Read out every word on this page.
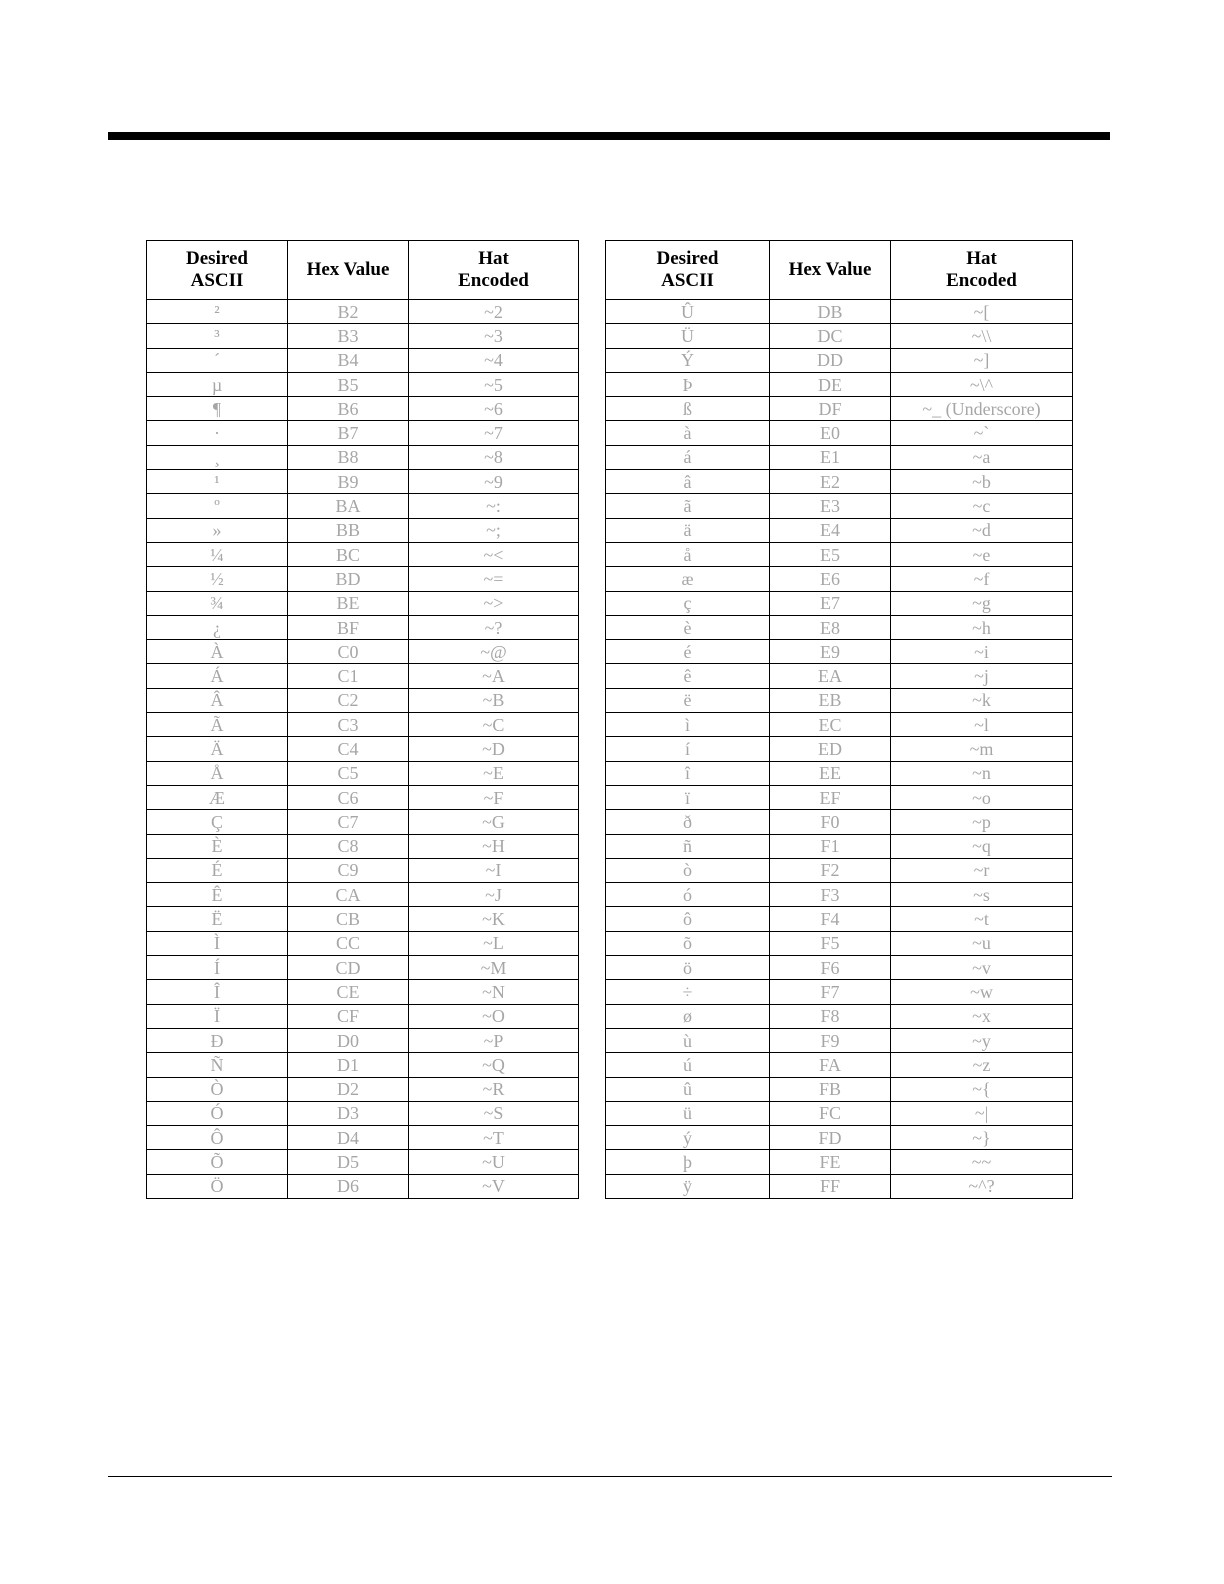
Desired
ASCII	Hex Value	Hat
Encoded
²	B2	~2
³	B3	~3
´	B4	~4
µ	B5	~5
¶	B6	~6
·	B7	~7
¸	B8	~8
¹	B9	~9
º	BA	~:
»	BB	~;
¼	BC	~<
½	BD	~=
¾	BE	~>
¿	BF	~?
À	C0	~@
Á	C1	~A
Â	C2	~B
Ã	C3	~C
Ä	C4	~D
Å	C5	~E
Æ	C6	~F
Ç	C7	~G
È	C8	~H
É	C9	~I
Ê	CA	~J
Ë	CB	~K
Ì	CC	~L
Í	CD	~M
Î	CE	~N
Ï	CF	~O
Ð	D0	~P
Ñ	D1	~Q
Ò	D2	~R
Ó	D3	~S
Ô	D4	~T
Õ	D5	~U
Ö	D6	~V
Desired
ASCII	Hex Value	Hat
Encoded
Û	DB	~[
Ü	DC	~\\
Ý	DD	~]
Þ	DE	~\^
ß	DF	~_ (Underscore)
à	E0	~`
á	E1	~a
â	E2	~b
ã	E3	~c
ä	E4	~d
å	E5	~e
æ	E6	~f
ç	E7	~g
è	E8	~h
é	E9	~i
ê	EA	~j
ë	EB	~k
ì	EC	~l
í	ED	~m
î	EE	~n
ï	EF	~o
ð	F0	~p
ñ	F1	~q
ò	F2	~r
ó	F3	~s
ô	F4	~t
õ	F5	~u
ö	F6	~v
÷	F7	~w
ø	F8	~x
ù	F9	~y
ú	FA	~z
û	FB	~{
ü	FC	~|
ý	FD	~}
þ	FE	~~
ÿ	FF	~^?
